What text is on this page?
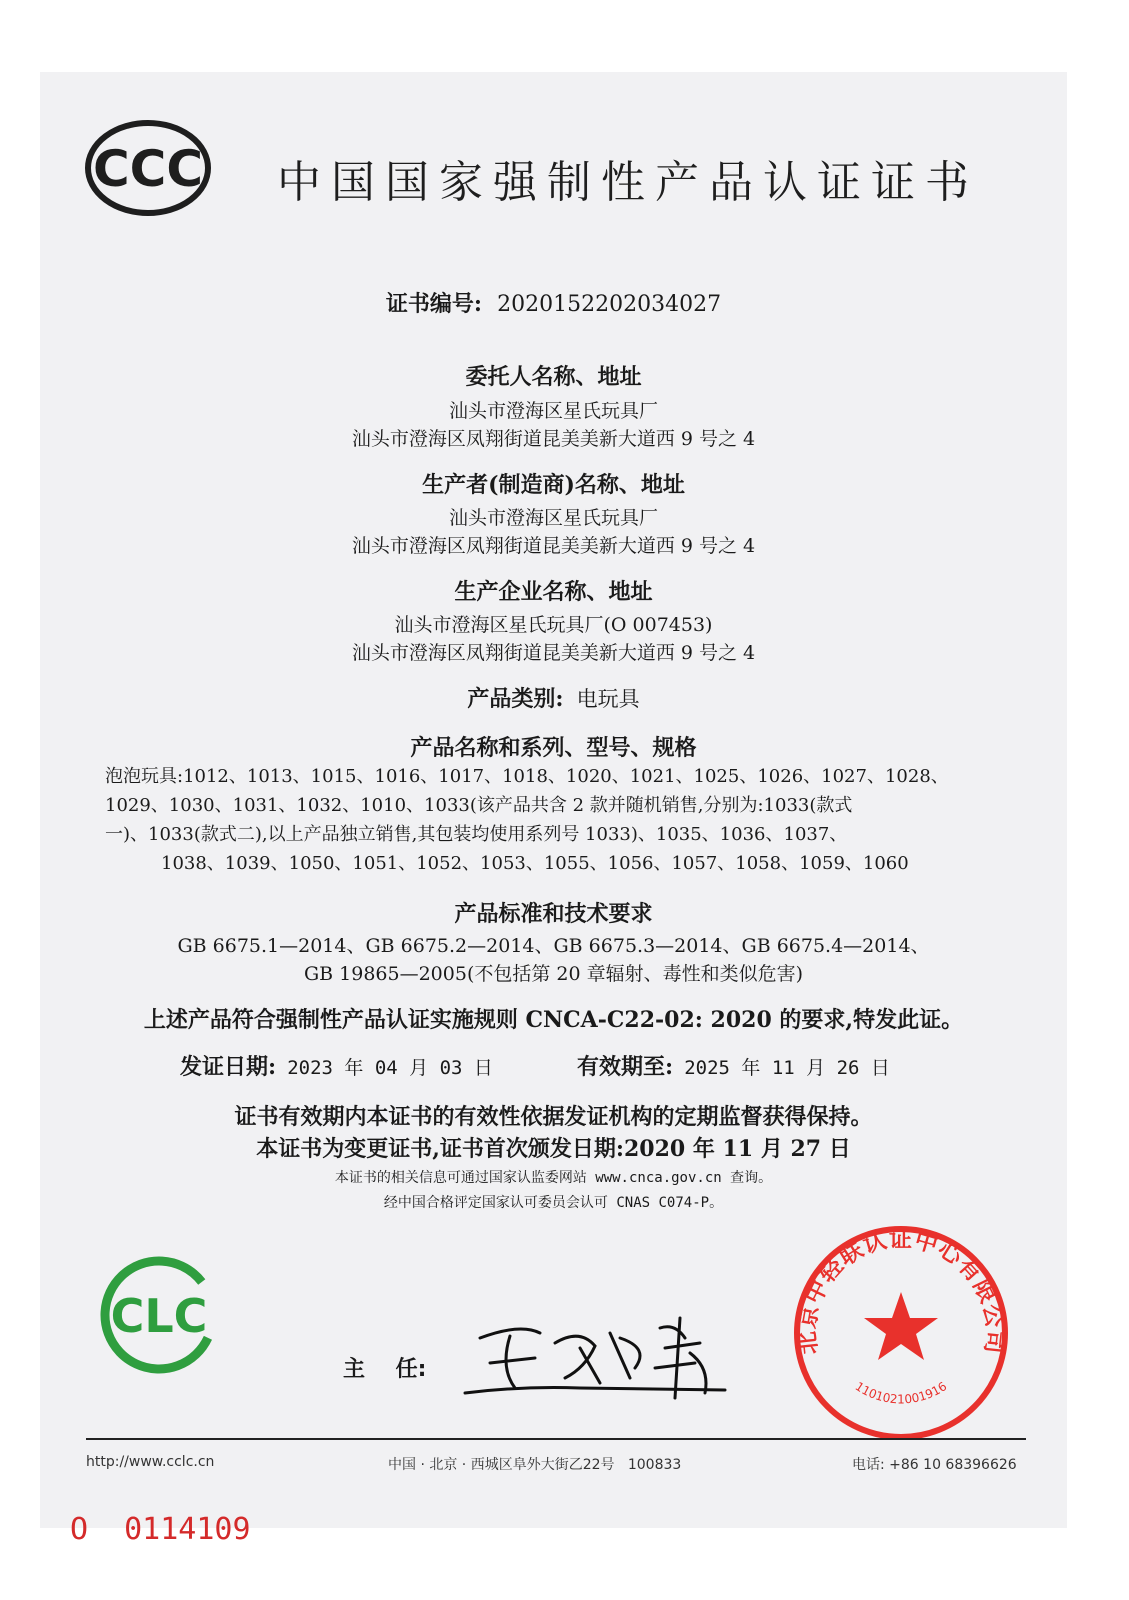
CCC	中国国家强制性产品认证证书
证书编号: 2020152202034027
委托人名称、地址
汕头市澄海区星氏玩具厂
汕头市澄海区凤翔街道昆美美新大道西 9 号之 4
生产者(制造商)名称、地址
汕头市澄海区星氏玩具厂
汕头市澄海区凤翔街道昆美美新大道西 9 号之 4
生产企业名称、地址
汕头市澄海区星氏玩具厂(O 007453)
汕头市澄海区凤翔街道昆美美新大道西 9 号之 4
产品类别: 电玩具
产品名称和系列、型号、规格
泡泡玩具:1012、1013、1015、1016、1017、1018、1020、1021、1025、1026、1027、1028、
1029、1030、1031、1032、1010、1033(该产品共含 2 款并随机销售,分别为:1033(款式
一)、1033(款式二),以上产品独立销售,其包装均使用系列号 1033)、1035、1036、1037、
1038、1039、1050、1051、1052、1053、1055、1056、1057、1058、1059、1060
产品标准和技术要求
GB 6675.1—2014、GB 6675.2—2014、GB 6675.3—2014、GB 6675.4—2014、
GB 19865—2005(不包括第 20 章辐射、毒性和类似危害)
上述产品符合强制性产品认证实施规则 CNCA-C22-02: 2020 的要求,特发此证。
发证日期: 2023 年 04 月 03 日	有效期至: 2025 年 11 月 26 日
证书有效期内本证书的有效性依据发证机构的定期监督获得保持。
本证书为变更证书,证书首次颁发日期:2020 年 11 月 27 日
本证书的相关信息可通过国家认监委网站 www.cnca.gov.cn 查询。
经中国合格评定国家认可委员会认可 CNAS C074-P。
CLC
主    任:
北京中轻联认证中心有限公司
1101021001916
http://www.cclc.cn	中国 · 北京 · 西城区阜外大街乙22号   100833	电话: +86 10 68396626
O 0114109
